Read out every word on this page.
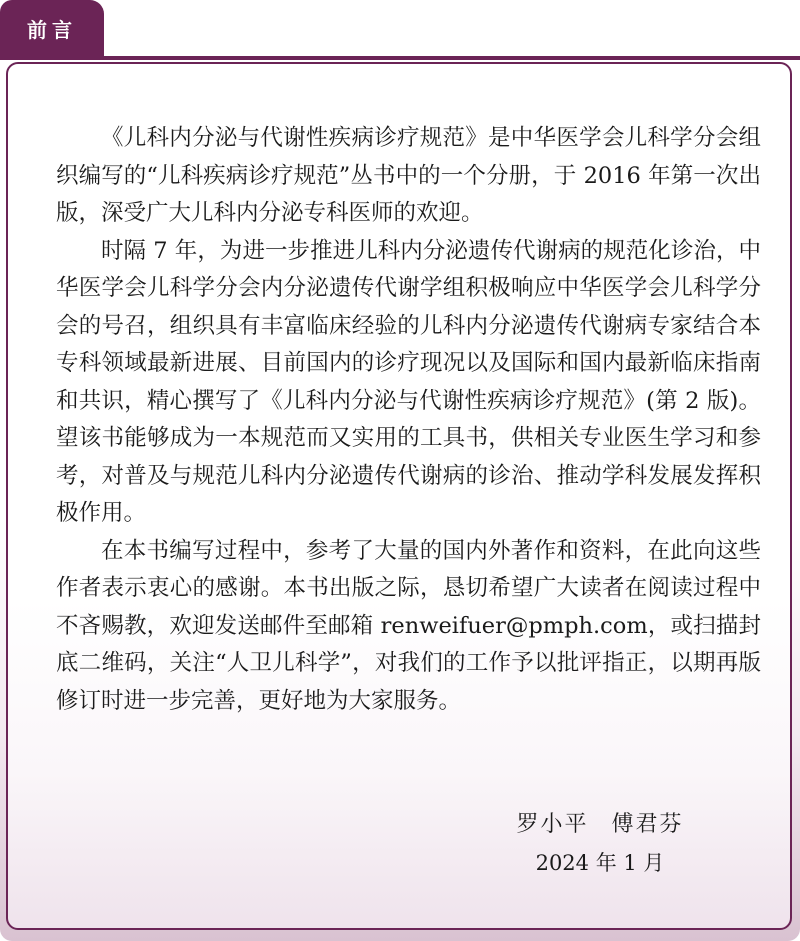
前言

《儿科内分泌与代谢性疾病诊疗规范》是中华医学会儿科学分会组织编写的“儿科疾病诊疗规范”丛书中的一个分册，于 2016 年第一次出版，深受广大儿科内分泌专科医师的欢迎。

时隔 7 年，为进一步推进儿科内分泌遗传代谢病的规范化诊治，中华医学会儿科学分会内分泌遗传代谢学组积极响应中华医学会儿科学分会的号召，组织具有丰富临床经验的儿科内分泌遗传代谢病专家结合本专科领域最新进展、目前国内的诊疗现况以及国际和国内最新临床指南和共识，精心撰写了《儿科内分泌与代谢性疾病诊疗规范》(第 2 版)。望该书能够成为一本规范而又实用的工具书，供相关专业医生学习和参考，对普及与规范儿科内分泌遗传代谢病的诊治、推动学科发展发挥积极作用。

在本书编写过程中，参考了大量的国内外著作和资料，在此向这些作者表示衷心的感谢。本书出版之际，恳切希望广大读者在阅读过程中不吝赐教，欢迎发送邮件至邮箱 renweifuer@pmph.com，或扫描封底二维码，关注“人卫儿科学”，对我们的工作予以批评指正，以期再版修订时进一步完善，更好地为大家服务。

罗小平 傅君芬
2024 年 1 月
